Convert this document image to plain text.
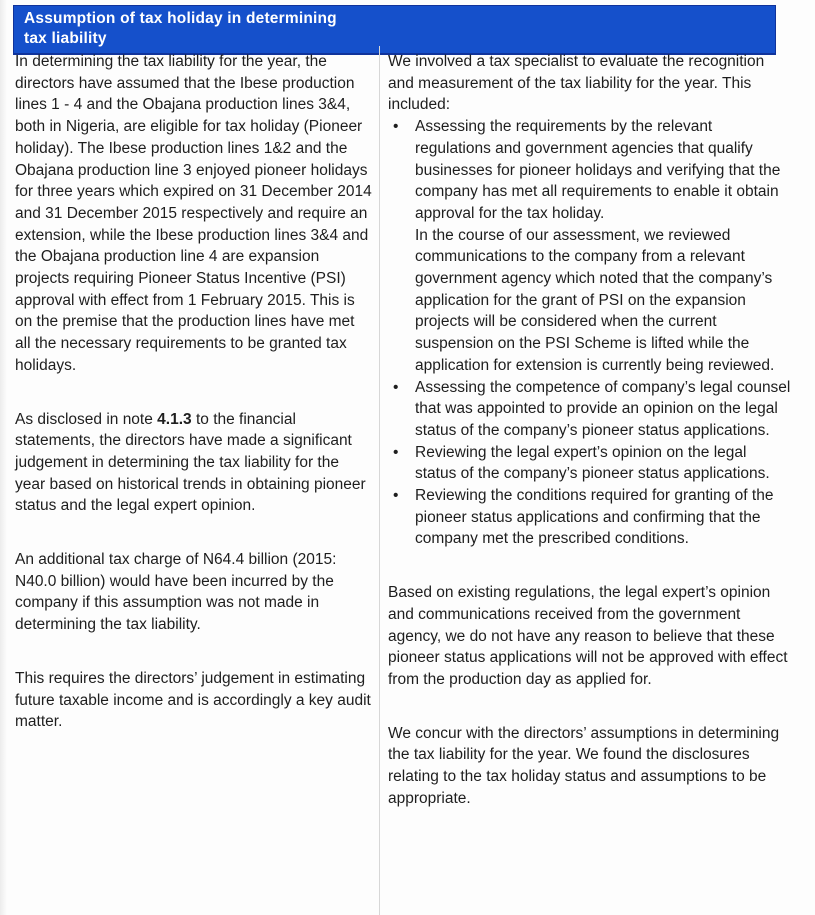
Assumption of tax holiday in determining
tax liability

In determining the tax liability for the year, the directors have assumed that the Ibese production lines 1 - 4 and the Obajana production lines 3&4, both in Nigeria, are eligible for tax holiday (Pioneer holiday). The Ibese production lines 1&2 and the Obajana production line 3 enjoyed pioneer holidays for three years which expired on 31 December 2014 and 31 December 2015 respectively and require an extension, while the Ibese production lines 3&4 and the Obajana production line 4 are expansion projects requiring Pioneer Status Incentive (PSI) approval with effect from 1 February 2015. This is on the premise that the production lines have met all the necessary requirements to be granted tax holidays.

As disclosed in note 4.1.3 to the financial statements, the directors have made a significant judgement in determining the tax liability for the year based on historical trends in obtaining pioneer status and the legal expert opinion.

An additional tax charge of N64.4 billion (2015: N40.0 billion) would have been incurred by the company if this assumption was not made in determining the tax liability.

This requires the directors’ judgement in estimating future taxable income and is accordingly a key audit matter.

We involved a tax specialist to evaluate the recognition and measurement of the tax liability for the year. This included:

•	Assessing the requirements by the relevant regulations and government agencies that qualify businesses for pioneer holidays and verifying that the company has met all requirements to enable it obtain approval for the tax holiday.
In the course of our assessment, we reviewed communications to the company from a relevant government agency which noted that the company’s application for the grant of PSI on the expansion projects will be considered when the current suspension on the PSI Scheme is lifted while the application for extension is currently being reviewed.
•	Assessing the competence of company’s legal counsel that was appointed to provide an opinion on the legal status of the company’s pioneer status applications.
•	Reviewing the legal expert’s opinion on the legal status of the company’s pioneer status applications.
•	Reviewing the conditions required for granting of the pioneer status applications and confirming that the company met the prescribed conditions.

Based on existing regulations, the legal expert’s opinion and communications received from the government agency, we do not have any reason to believe that these pioneer status applications will not be approved with effect from the production day as applied for.

We concur with the directors’ assumptions in determining the tax liability for the year. We found the disclosures relating to the tax holiday status and assumptions to be appropriate.
